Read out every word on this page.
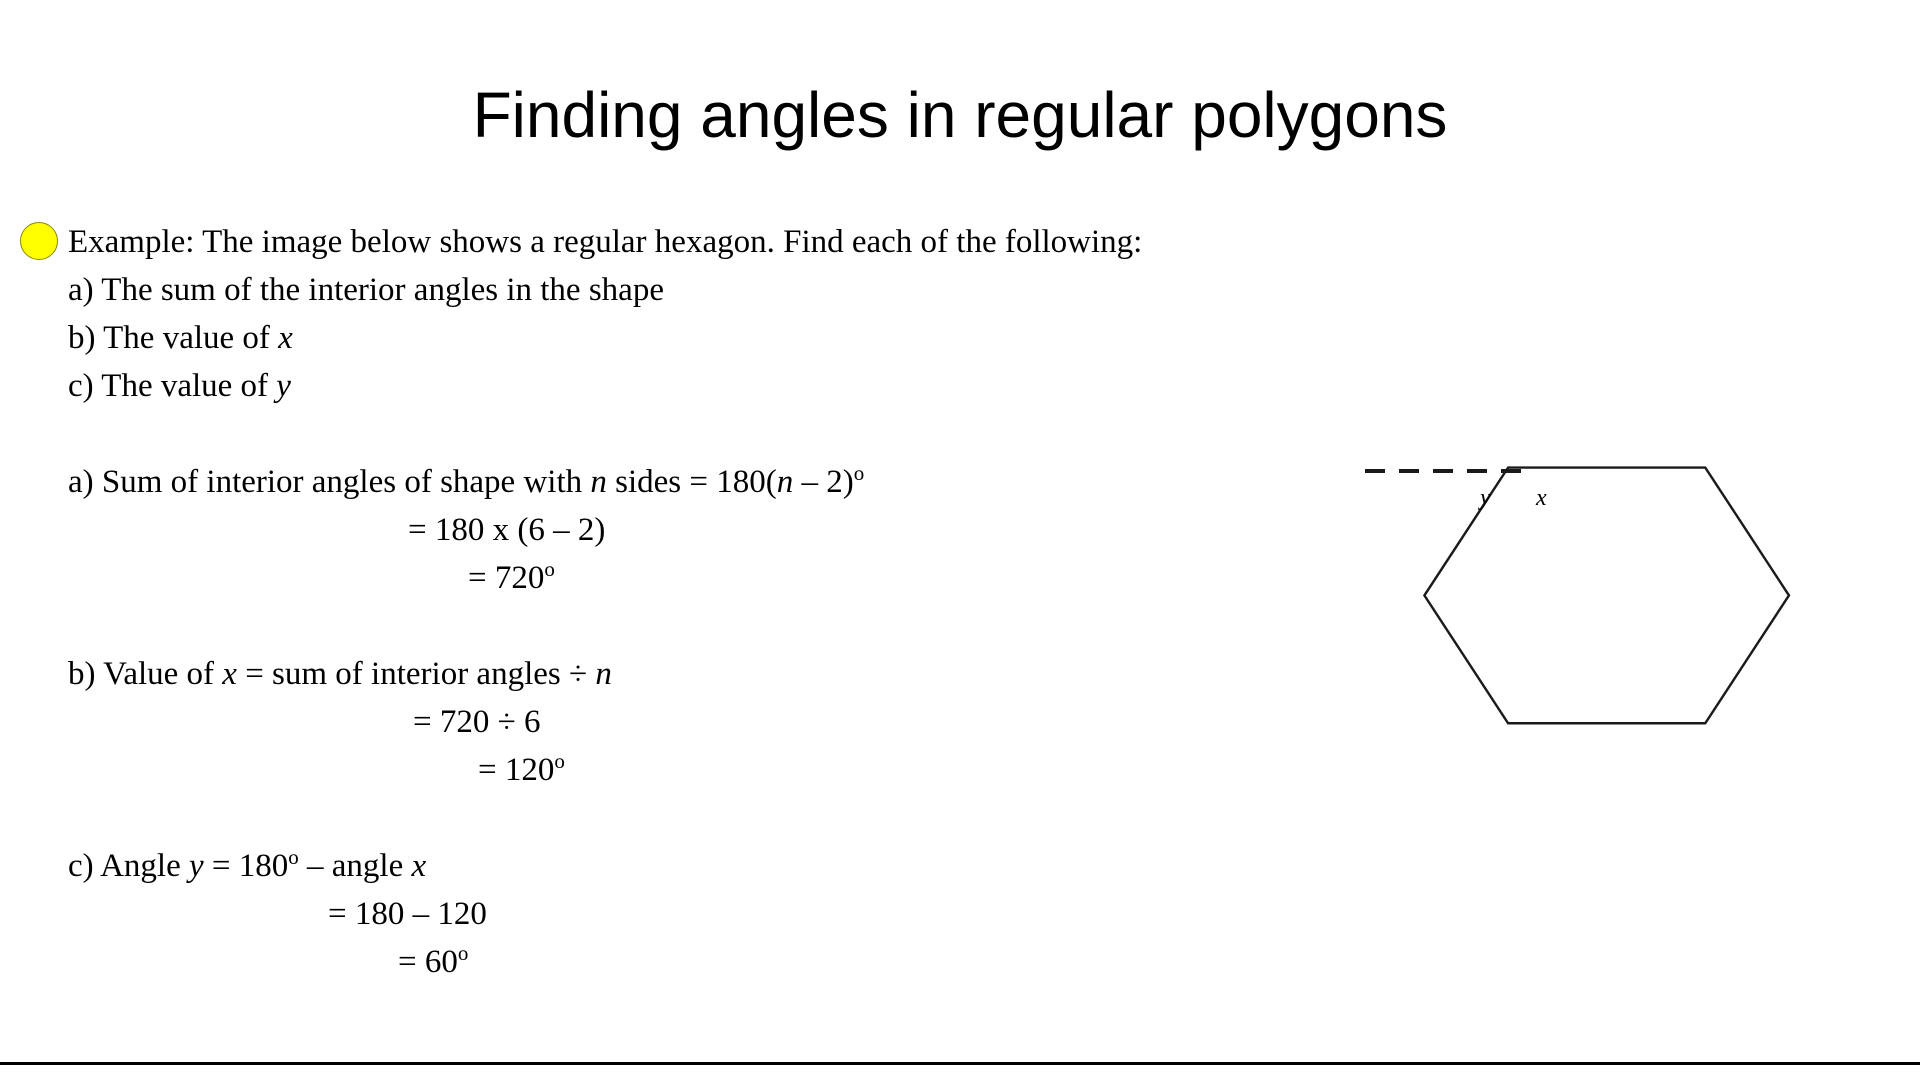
Finding angles in regular polygons
Example: The image below shows a regular hexagon. Find each of the following:
a) The sum of the interior angles in the shape
b) The value of x
c) The value of y
a) Sum of interior angles of shape with n sides = 180(n – 2)$^o$
= 180 x (6 – 2)
= $720^o$
b) Value of x = sum of interior angles ÷ n
= 720 ÷ 6
= $120^o$
c) Angle $y = 180^o$ – angle x
= 180 – 120
= $60^o$
y x
